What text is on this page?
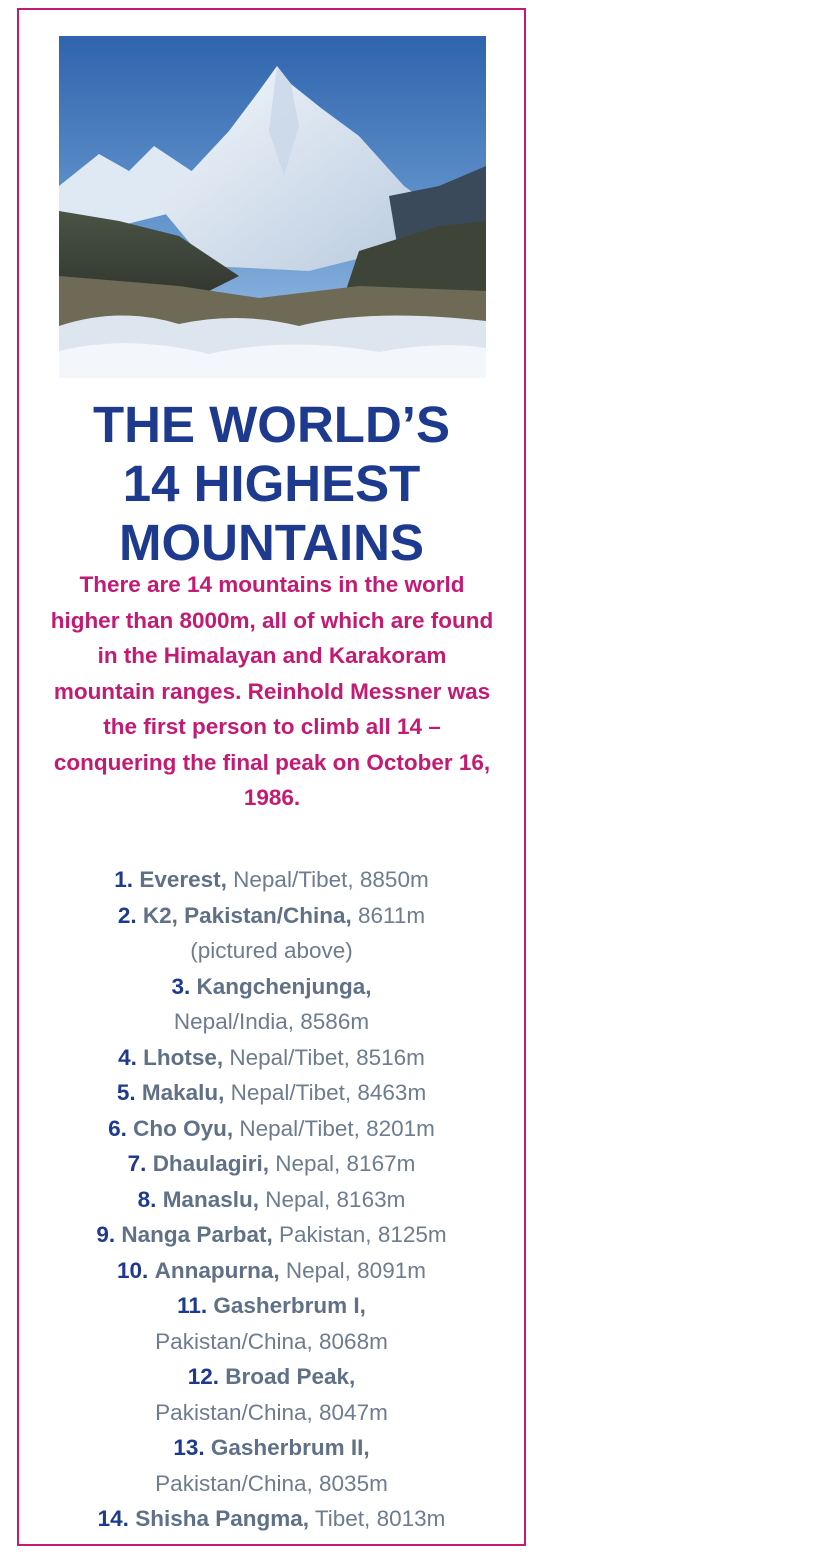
THE WORLD’S
14 HIGHEST
MOUNTAINS

There are 14 mountains in the world higher than 8000m, all of which are found in the Himalayan and Karakoram mountain ranges. Reinhold Messner was the first person to climb all 14 – conquering the final peak on October 16, 1986.

1. Everest, Nepal/Tibet, 8850m
2. K2, Pakistan/China, 8611m
(pictured above)
3. Kangchenjunga,
Nepal/India, 8586m
4. Lhotse, Nepal/Tibet, 8516m
5. Makalu, Nepal/Tibet, 8463m
6. Cho Oyu, Nepal/Tibet, 8201m
7. Dhaulagiri, Nepal, 8167m
8. Manaslu, Nepal, 8163m
9. Nanga Parbat, Pakistan, 8125m
10. Annapurna, Nepal, 8091m
11. Gasherbrum I,
Pakistan/China, 8068m
12. Broad Peak,
Pakistan/China, 8047m
13. Gasherbrum II,
Pakistan/China, 8035m
14. Shisha Pangma, Tibet, 8013m
